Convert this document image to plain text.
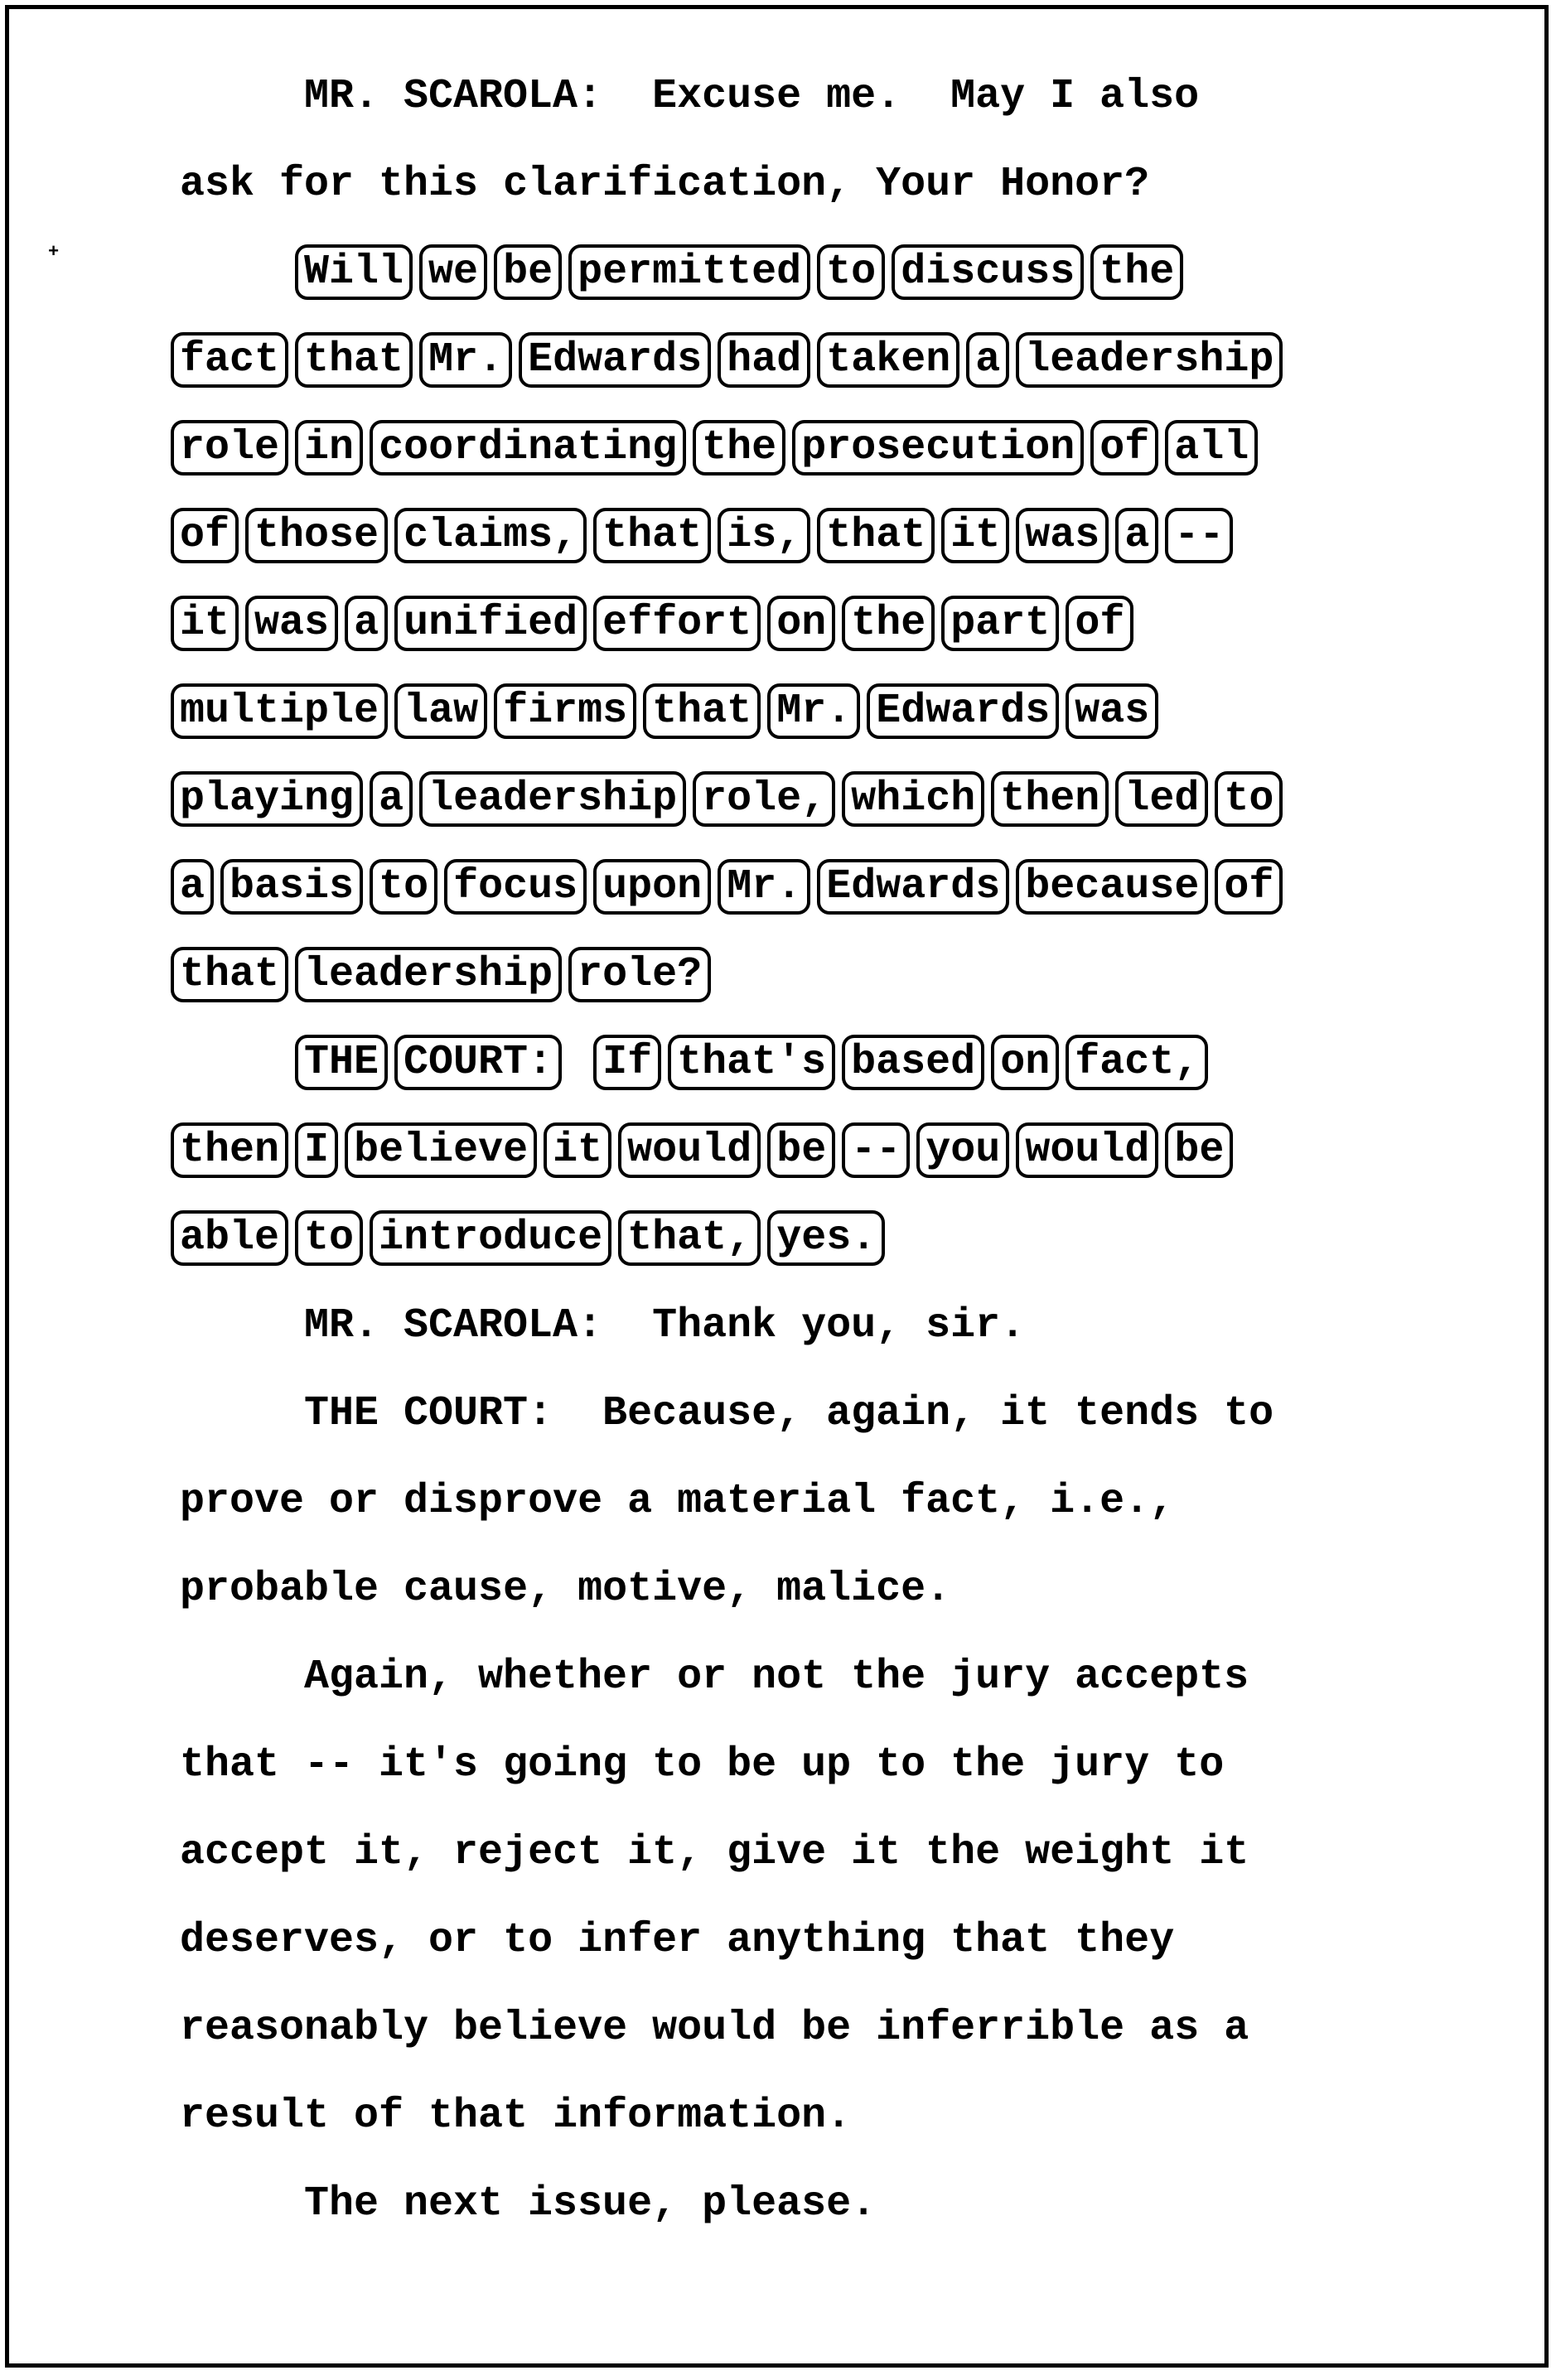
+
MR. SCAROLA:  Excuse me.  May I also
ask for this clarification, Your Honor?
Will we be permitted to discuss the
fact that Mr. Edwards had taken a leadership
role in coordinating the prosecution of all
of those claims, that is, that it was a --
it was a unified effort on the part of
multiple law firms that Mr. Edwards was
playing a leadership role, which then led to
a basis to focus upon Mr. Edwards because of
that leadership role?
THE COURT: If that's based on fact,
then I believe it would be -- you would be
able to introduce that, yes.
MR. SCAROLA:  Thank you, sir.
THE COURT:  Because, again, it tends to
prove or disprove a material fact, i.e.,
probable cause, motive, malice.
Again, whether or not the jury accepts
that -- it's going to be up to the jury to
accept it, reject it, give it the weight it
deserves, or to infer anything that they
reasonably believe would be inferrible as a
result of that information.
The next issue, please.
